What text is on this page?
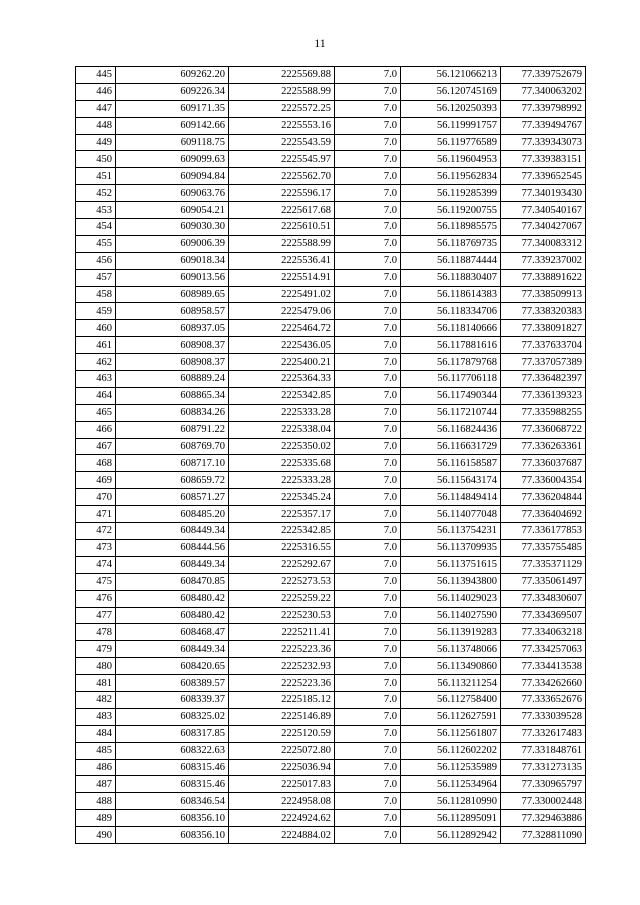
11
445	609262.20	2225569.88	7.0	56.121066213	77.339752679
446	609226.34	2225588.99	7.0	56.120745169	77.340063202
447	609171.35	2225572.25	7.0	56.120250393	77.339798992
448	609142.66	2225553.16	7.0	56.119991757	77.339494767
449	609118.75	2225543.59	7.0	56.119776589	77.339343073
450	609099.63	2225545.97	7.0	56.119604953	77.339383151
451	609094.84	2225562.70	7.0	56.119562834	77.339652545
452	609063.76	2225596.17	7.0	56.119285399	77.340193430
453	609054.21	2225617.68	7.0	56.119200755	77.340540167
454	609030.30	2225610.51	7.0	56.118985575	77.340427067
455	609006.39	2225588.99	7.0	56.118769735	77.340083312
456	609018.34	2225536.41	7.0	56.118874444	77.339237002
457	609013.56	2225514.91	7.0	56.118830407	77.338891622
458	608989.65	2225491.02	7.0	56.118614383	77.338509913
459	608958.57	2225479.06	7.0	56.118334706	77.338320383
460	608937.05	2225464.72	7.0	56.118140666	77.338091827
461	608908.37	2225436.05	7.0	56.117881616	77.337633704
462	608908.37	2225400.21	7.0	56.117879768	77.337057389
463	608889.24	2225364.33	7.0	56.117706118	77.336482397
464	608865.34	2225342.85	7.0	56.117490344	77.336139323
465	608834.26	2225333.28	7.0	56.117210744	77.335988255
466	608791.22	2225338.04	7.0	56.116824436	77.336068722
467	608769.70	2225350.02	7.0	56.116631729	77.336263361
468	608717.10	2225335.68	7.0	56.116158587	77.336037687
469	608659.72	2225333.28	7.0	56.115643174	77.336004354
470	608571.27	2225345.24	7.0	56.114849414	77.336204844
471	608485.20	2225357.17	7.0	56.114077048	77.336404692
472	608449.34	2225342.85	7.0	56.113754231	77.336177853
473	608444.56	2225316.55	7.0	56.113709935	77.335755485
474	608449.34	2225292.67	7.0	56.113751615	77.335371129
475	608470.85	2225273.53	7.0	56.113943800	77.335061497
476	608480.42	2225259.22	7.0	56.114029023	77.334830607
477	608480.42	2225230.53	7.0	56.114027590	77.334369507
478	608468.47	2225211.41	7.0	56.113919283	77.334063218
479	608449.34	2225223.36	7.0	56.113748066	77.334257063
480	608420.65	2225232.93	7.0	56.113490860	77.334413538
481	608389.57	2225223.36	7.0	56.113211254	77.334262660
482	608339.37	2225185.12	7.0	56.112758400	77.333652676
483	608325.02	2225146.89	7.0	56.112627591	77.333039528
484	608317.85	2225120.59	7.0	56.112561807	77.332617483
485	608322.63	2225072.80	7.0	56.112602202	77.331848761
486	608315.46	2225036.94	7.0	56.112535989	77.331273135
487	608315.46	2225017.83	7.0	56.112534964	77.330965797
488	608346.54	2224958.08	7.0	56.112810990	77.330002448
489	608356.10	2224924.62	7.0	56.112895091	77.329463886
490	608356.10	2224884.02	7.0	56.112892942	77.328811090
